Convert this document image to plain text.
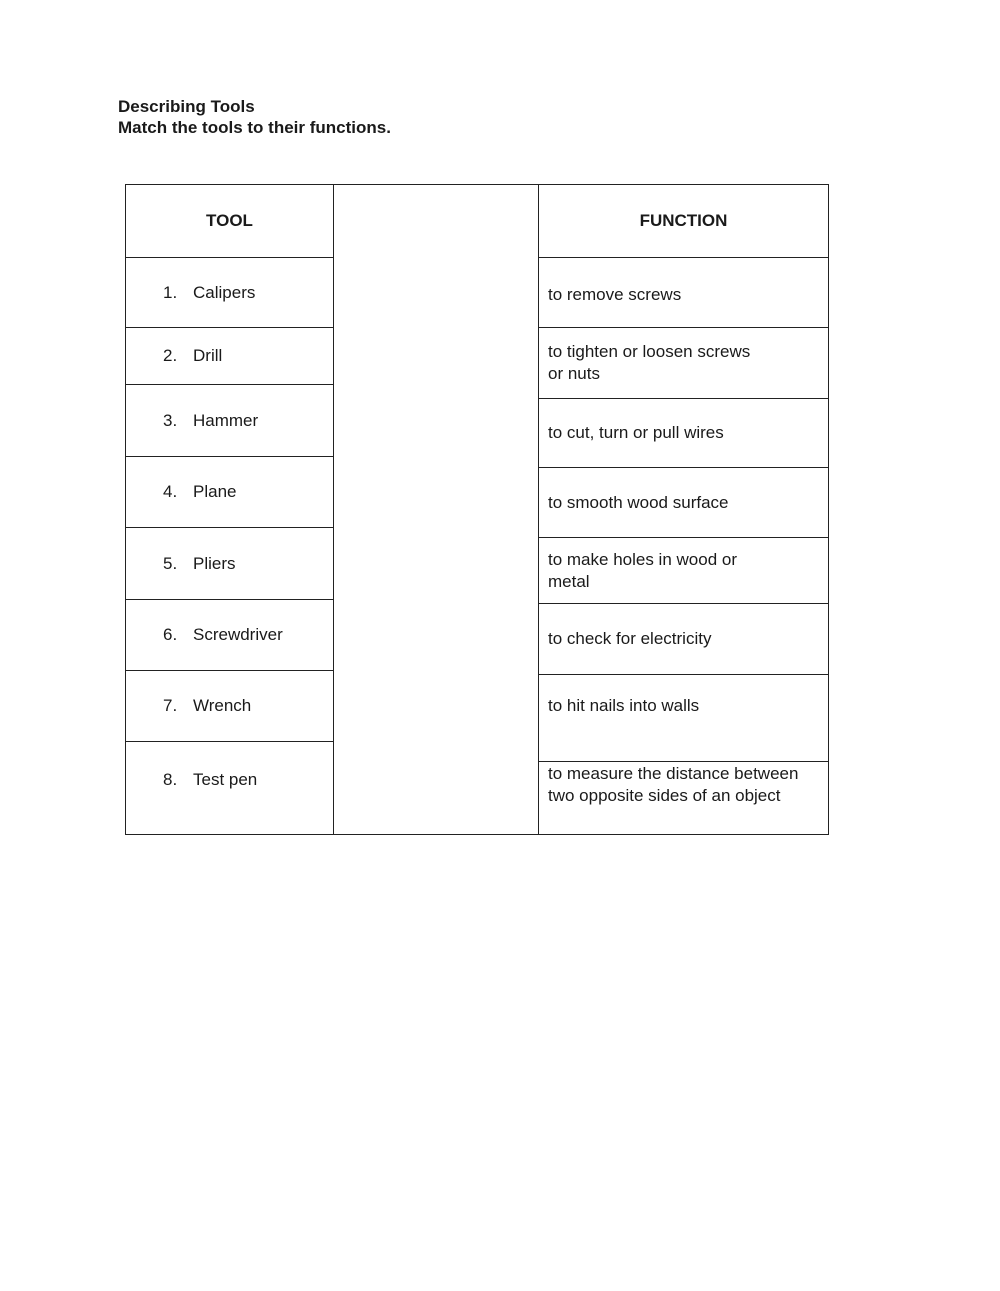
Describing Tools
Match the tools to their functions.
TOOL
1. Calipers
2. Drill
3. Hammer
4. Plane
5. Pliers
6. Screwdriver
7. Wrench
8. Test pen
FUNCTION
to remove screws
to tighten or loosen screws
or nuts
to cut, turn or pull wires
to smooth wood surface
to make holes in wood or
metal
to check for electricity
to hit nails into walls
to measure the distance between
two opposite sides of an object
